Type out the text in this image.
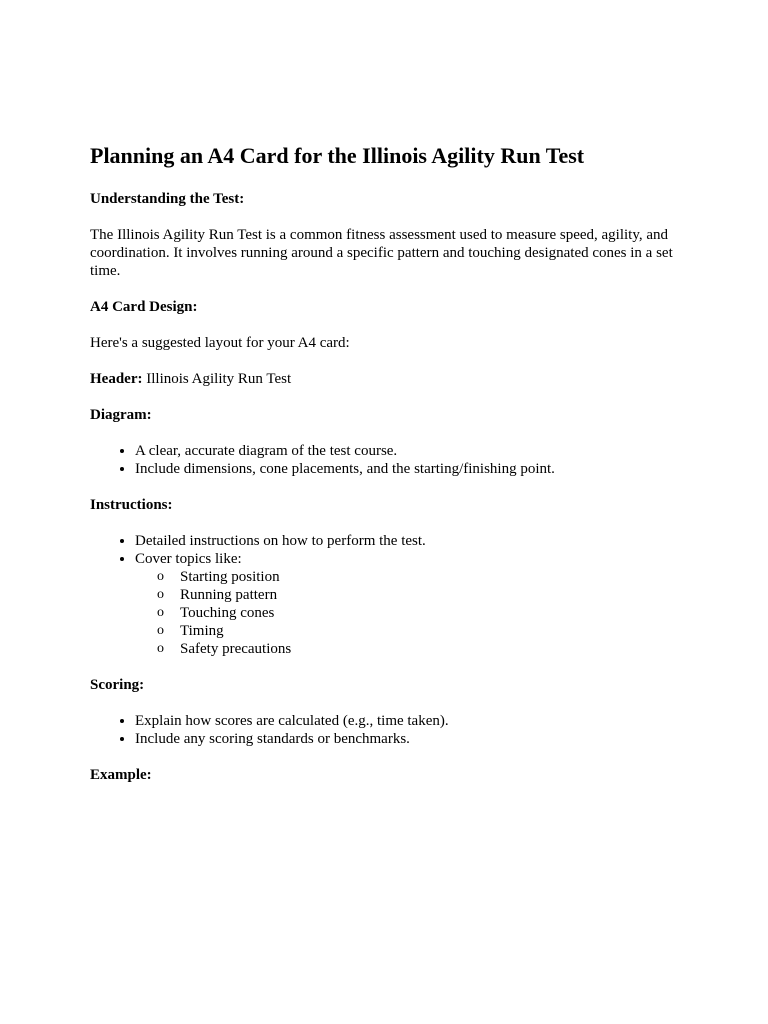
Planning an A4 Card for the Illinois Agility Run Test

Understanding the Test:

The Illinois Agility Run Test is a common fitness assessment used to measure speed, agility, and coordination. It involves running around a specific pattern and touching designated cones in a set time.

A4 Card Design:

Here's a suggested layout for your A4 card:

Header: Illinois Agility Run Test

Diagram:

• A clear, accurate diagram of the test course.
• Include dimensions, cone placements, and the starting/finishing point.

Instructions:

• Detailed instructions on how to perform the test.
• Cover topics like:
o Starting position
o Running pattern
o Touching cones
o Timing
o Safety precautions

Scoring:

• Explain how scores are calculated (e.g., time taken).
• Include any scoring standards or benchmarks.

Example:
